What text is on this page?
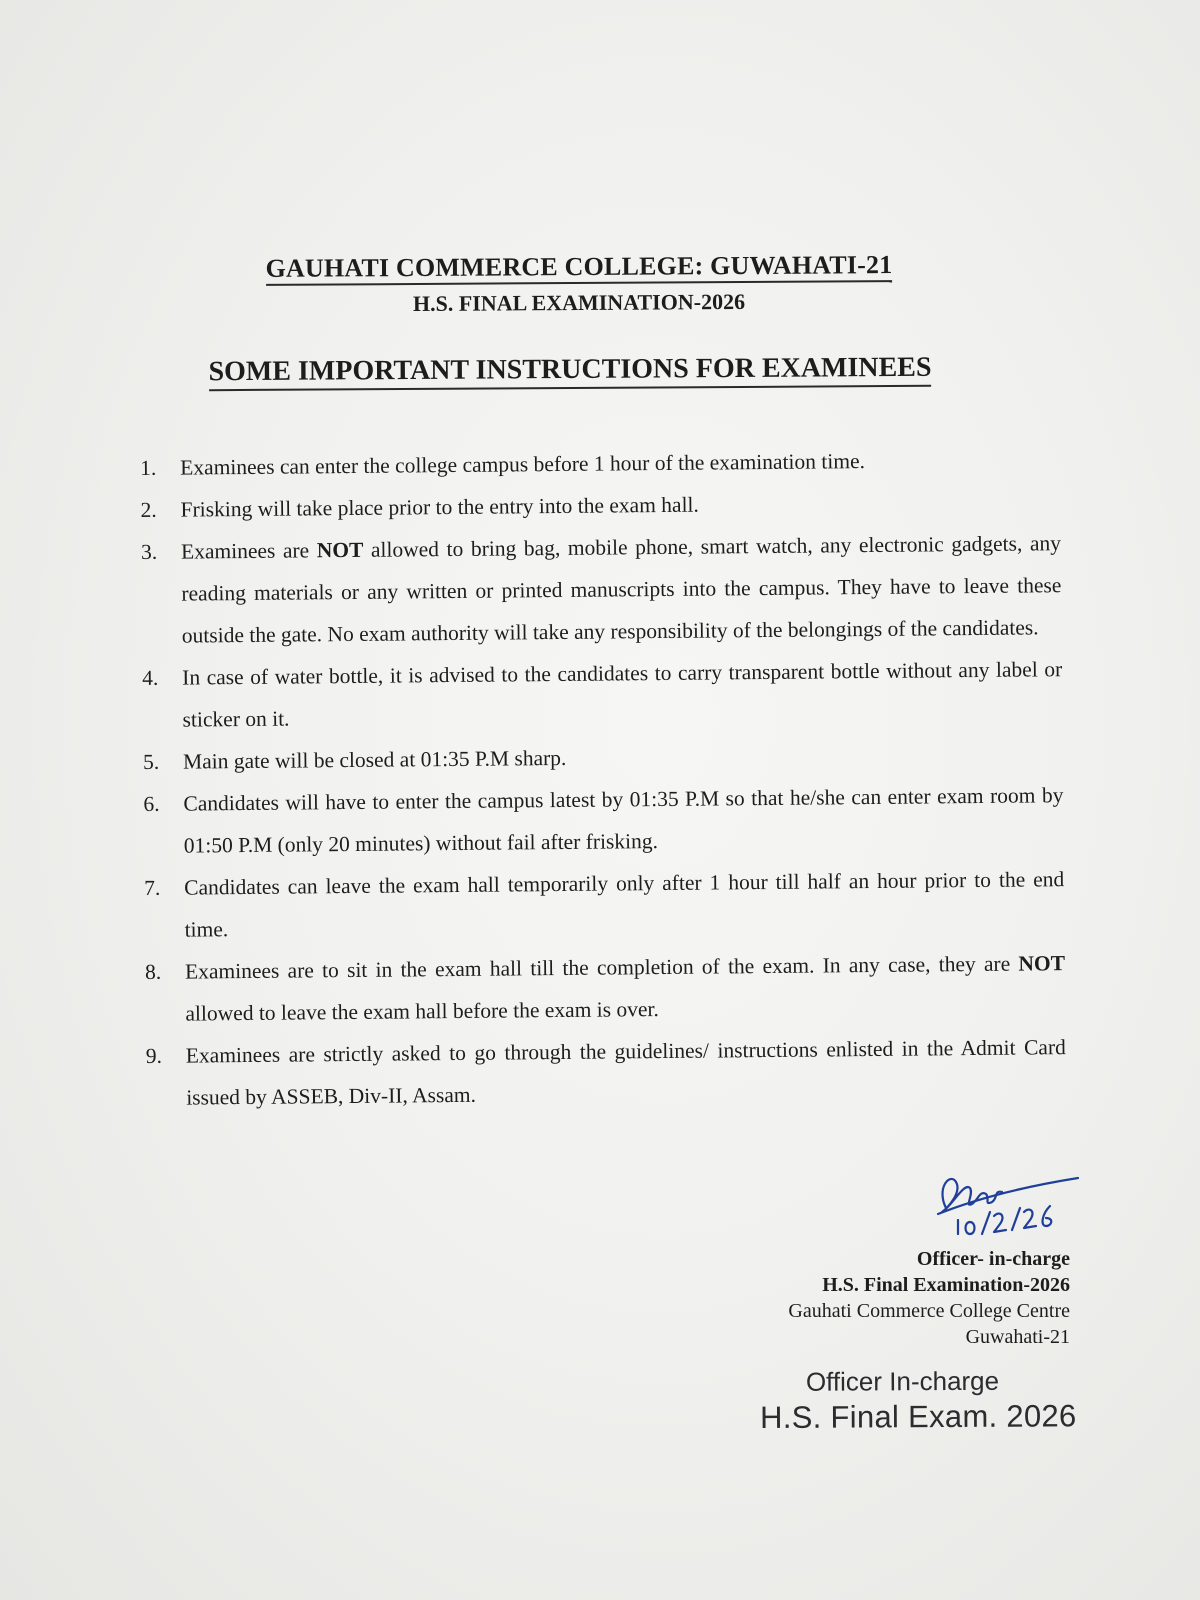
GAUHATI COMMERCE COLLEGE: GUWAHATI-21
H.S. FINAL EXAMINATION-2026
SOME IMPORTANT INSTRUCTIONS FOR EXAMINEES
1. Examinees can enter the college campus before 1 hour of the examination time.
2. Frisking will take place prior to the entry into the exam hall.
3. Examinees are NOT allowed to bring bag, mobile phone, smart watch, any electronic gadgets, any reading materials or any written or printed manuscripts into the campus. They have to leave these outside the gate. No exam authority will take any responsibility of the belongings of the candidates.
4. In case of water bottle, it is advised to the candidates to carry transparent bottle without any label or sticker on it.
5. Main gate will be closed at 01:35 P.M sharp.
6. Candidates will have to enter the campus latest by 01:35 P.M so that he/she can enter exam room by 01:50 P.M (only 20 minutes) without fail after frisking.
7. Candidates can leave the exam hall temporarily only after 1 hour till half an hour prior to the end time.
8. Examinees are to sit in the exam hall till the completion of the exam. In any case, they are NOT allowed to leave the exam hall before the exam is over.
9. Examinees are strictly asked to go through the guidelines/ instructions enlisted in the Admit Card issued by ASSEB, Div-II, Assam.
Officer- in-charge
H.S. Final Examination-2026
Gauhati Commerce College Centre
Guwahati-21
Officer In-charge
H.S. Final Exam. 2026
